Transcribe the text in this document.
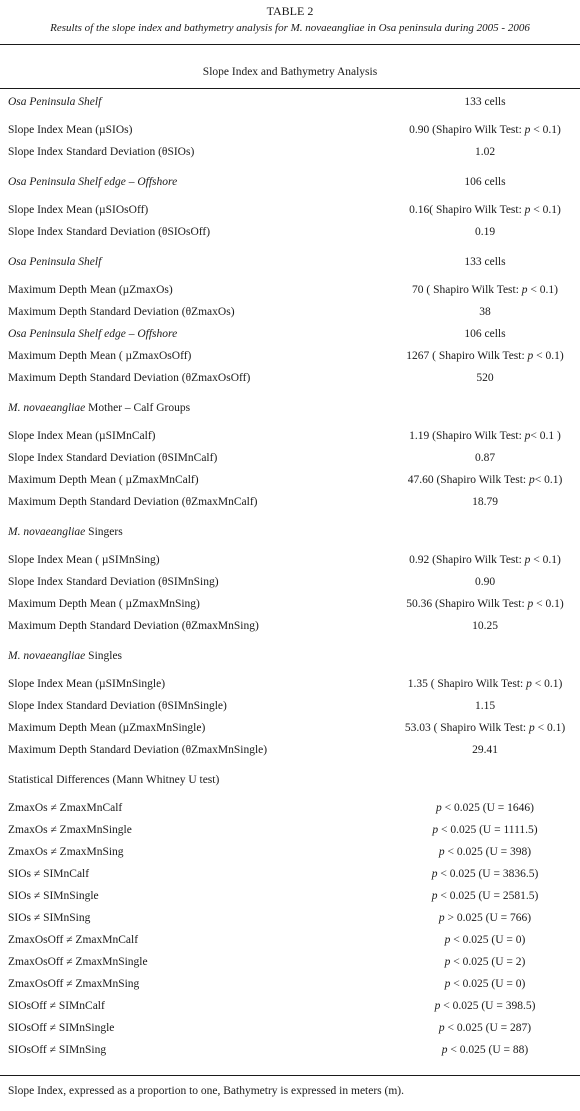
TABLE 2
Results of the slope index and bathymetry analysis for M. novaeangliae in Osa peninsula during 2005 - 2006
Slope Index and Bathymetry Analysis
Osa Peninsula Shelf	133 cells
Slope Index Mean (µSIOs)	0.90 (Shapiro Wilk Test: p < 0.1)
Slope Index Standard Deviation (θSIOs)	1.02
Osa Peninsula Shelf edge – Offshore	106 cells
Slope Index Mean (µSIOsOff)	0.16( Shapiro Wilk Test: p < 0.1)
Slope Index Standard Deviation (θSIOsOff)	0.19
Osa Peninsula Shelf	133 cells
Maximum Depth Mean (µZmaxOs)	70 ( Shapiro Wilk Test: p < 0.1)
Maximum Depth Standard Deviation (θZmaxOs)	38
Osa Peninsula Shelf edge – Offshore	106 cells
Maximum Depth Mean ( µZmaxOsOff)	1267 ( Shapiro Wilk Test: p < 0.1)
Maximum Depth Standard Deviation (θZmaxOsOff)	520
M. novaeangliae Mother – Calf Groups
Slope Index Mean (µSIMnCalf)	1.19 (Shapiro Wilk Test: p< 0.1 )
Slope Index Standard Deviation (θSIMnCalf)	0.87
Maximum Depth Mean ( µZmaxMnCalf)	47.60 (Shapiro Wilk Test: p< 0.1)
Maximum Depth Standard Deviation (θZmaxMnCalf)	18.79
M. novaeangliae Singers
Slope Index Mean ( µSIMnSing)	0.92 (Shapiro Wilk Test: p < 0.1)
Slope Index Standard Deviation (θSIMnSing)	0.90
Maximum Depth Mean ( µZmaxMnSing)	50.36 (Shapiro Wilk Test: p < 0.1)
Maximum Depth Standard Deviation (θZmaxMnSing)	10.25
M. novaeangliae Singles
Slope Index Mean (µSIMnSingle)	1.35 ( Shapiro Wilk Test: p < 0.1)
Slope Index Standard Deviation (θSIMnSingle)	1.15
Maximum Depth Mean (µZmaxMnSingle)	53.03 ( Shapiro Wilk Test: p < 0.1)
Maximum Depth Standard Deviation (θZmaxMnSingle)	29.41
Statistical Differences (Mann Whitney U test)
ZmaxOs ≠ ZmaxMnCalf	p < 0.025 (U = 1646)
ZmaxOs ≠ ZmaxMnSingle	p < 0.025 (U = 1111.5)
ZmaxOs ≠ ZmaxMnSing	p < 0.025 (U = 398)
SIOs ≠ SIMnCalf	p < 0.025 (U = 3836.5)
SIOs ≠ SIMnSingle	p < 0.025 (U = 2581.5)
SIOs ≠ SIMnSing	p > 0.025 (U = 766)
ZmaxOsOff ≠ ZmaxMnCalf	p < 0.025 (U = 0)
ZmaxOsOff ≠ ZmaxMnSingle	p < 0.025 (U = 2)
ZmaxOsOff ≠ ZmaxMnSing	p < 0.025 (U = 0)
SIOsOff ≠ SIMnCalf	p < 0.025 (U = 398.5)
SIOsOff ≠ SIMnSingle	p < 0.025 (U = 287)
SIOsOff ≠ SIMnSing	p < 0.025 (U = 88)
Slope Index, expressed as a proportion to one, Bathymetry is expressed in meters (m).
